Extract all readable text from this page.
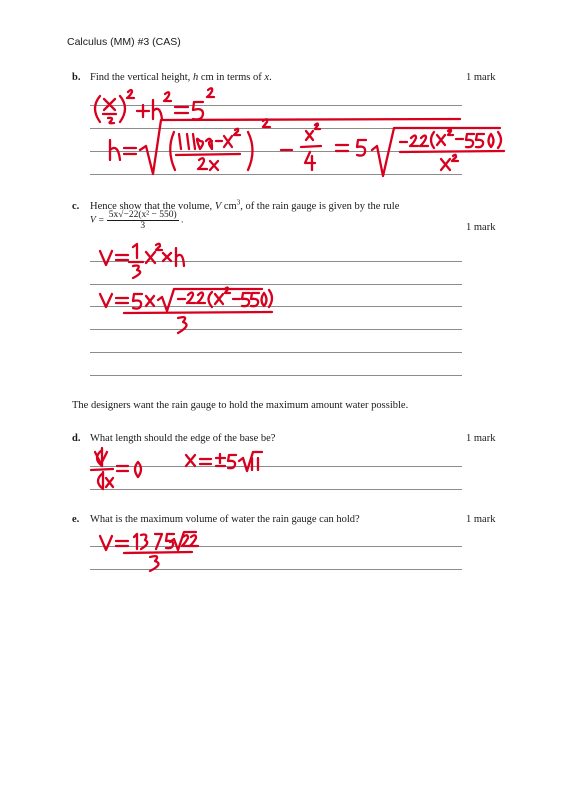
Calculus (MM) #3 (CAS)
b. Find the vertical height, h cm in terms of x.	1 mark
c. Hence show that the volume, V $cm^3$, of the rain gauge is given by the rule
$V = \frac{\text{5x√−22(x² − 550)}}{3}$ .
1 mark
The designers want the rain gauge to hold the maximum amount water possible.
d. What length should the edge of the base be?	1 mark
e. What is the maximum volume of water the rain gauge can hold?	1 mark
